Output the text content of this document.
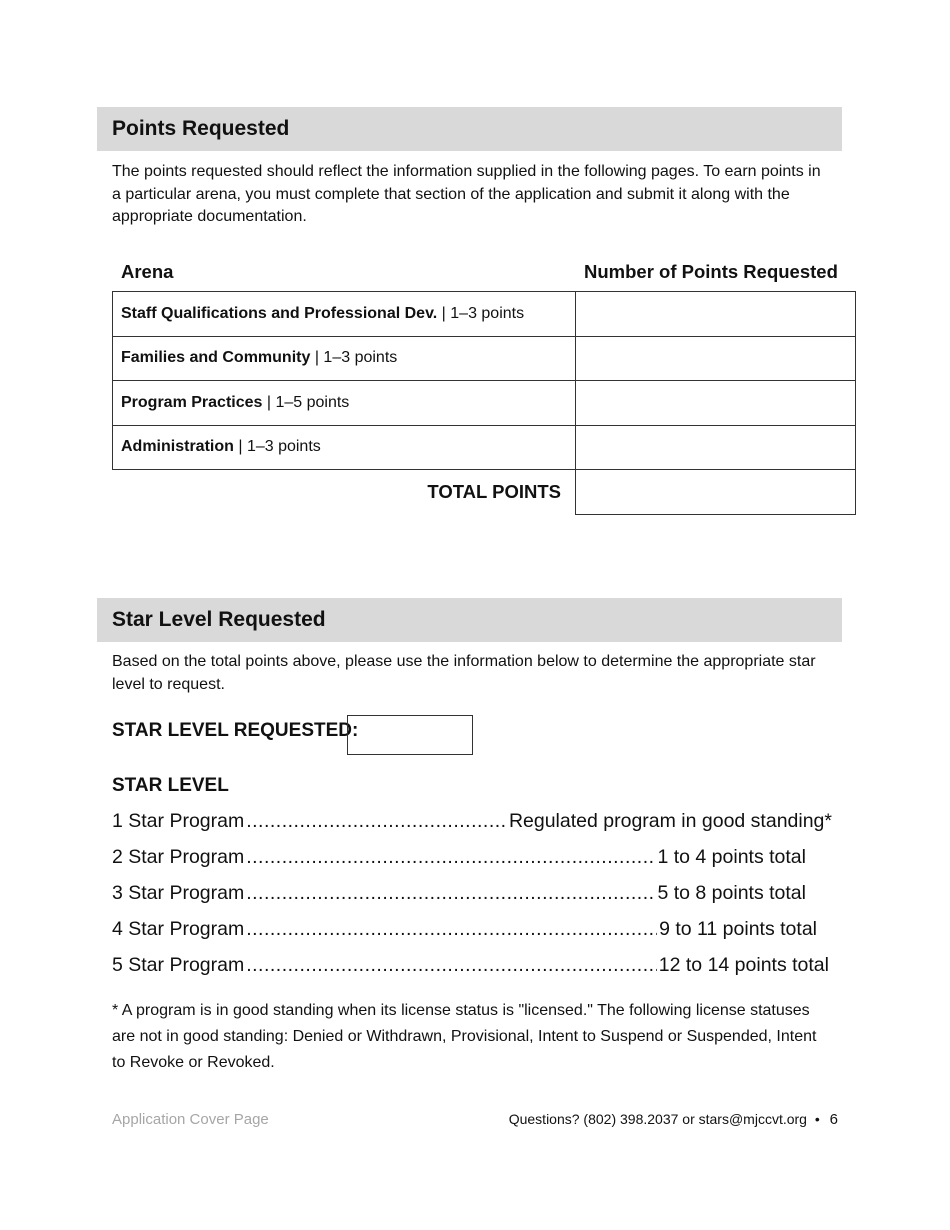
Points Requested
The points requested should reflect the information supplied in the following pages. To earn points in a particular arena, you must complete that section of the application and submit it along with the appropriate documentation.
Arena	Number of Points Requested
Staff Qualifications and Professional Dev. | 1–3 points	
Families and Community | 1–3 points	
Program Practices | 1–5 points	
Administration | 1–3 points	
TOTAL POINTS	
Star Level Requested
Based on the total points above, please use the information below to determine the appropriate star level to request.
STAR LEVEL REQUESTED:
STAR LEVEL
1 Star Program .....	Regulated program in good standing*
2 Star Program .....	1 to 4 points total
3 Star Program .....	5 to 8 points total
4 Star Program .....	9 to 11 points total
5 Star Program .....	12 to 14 points total
* A program is in good standing when its license status is "licensed." The following license statuses are not in good standing: Denied or Withdrawn, Provisional, Intent to Suspend or Suspended, Intent to Revoke or Revoked.
Application Cover Page	Questions? (802) 398.2037 or stars@mjccvt.org • 6
